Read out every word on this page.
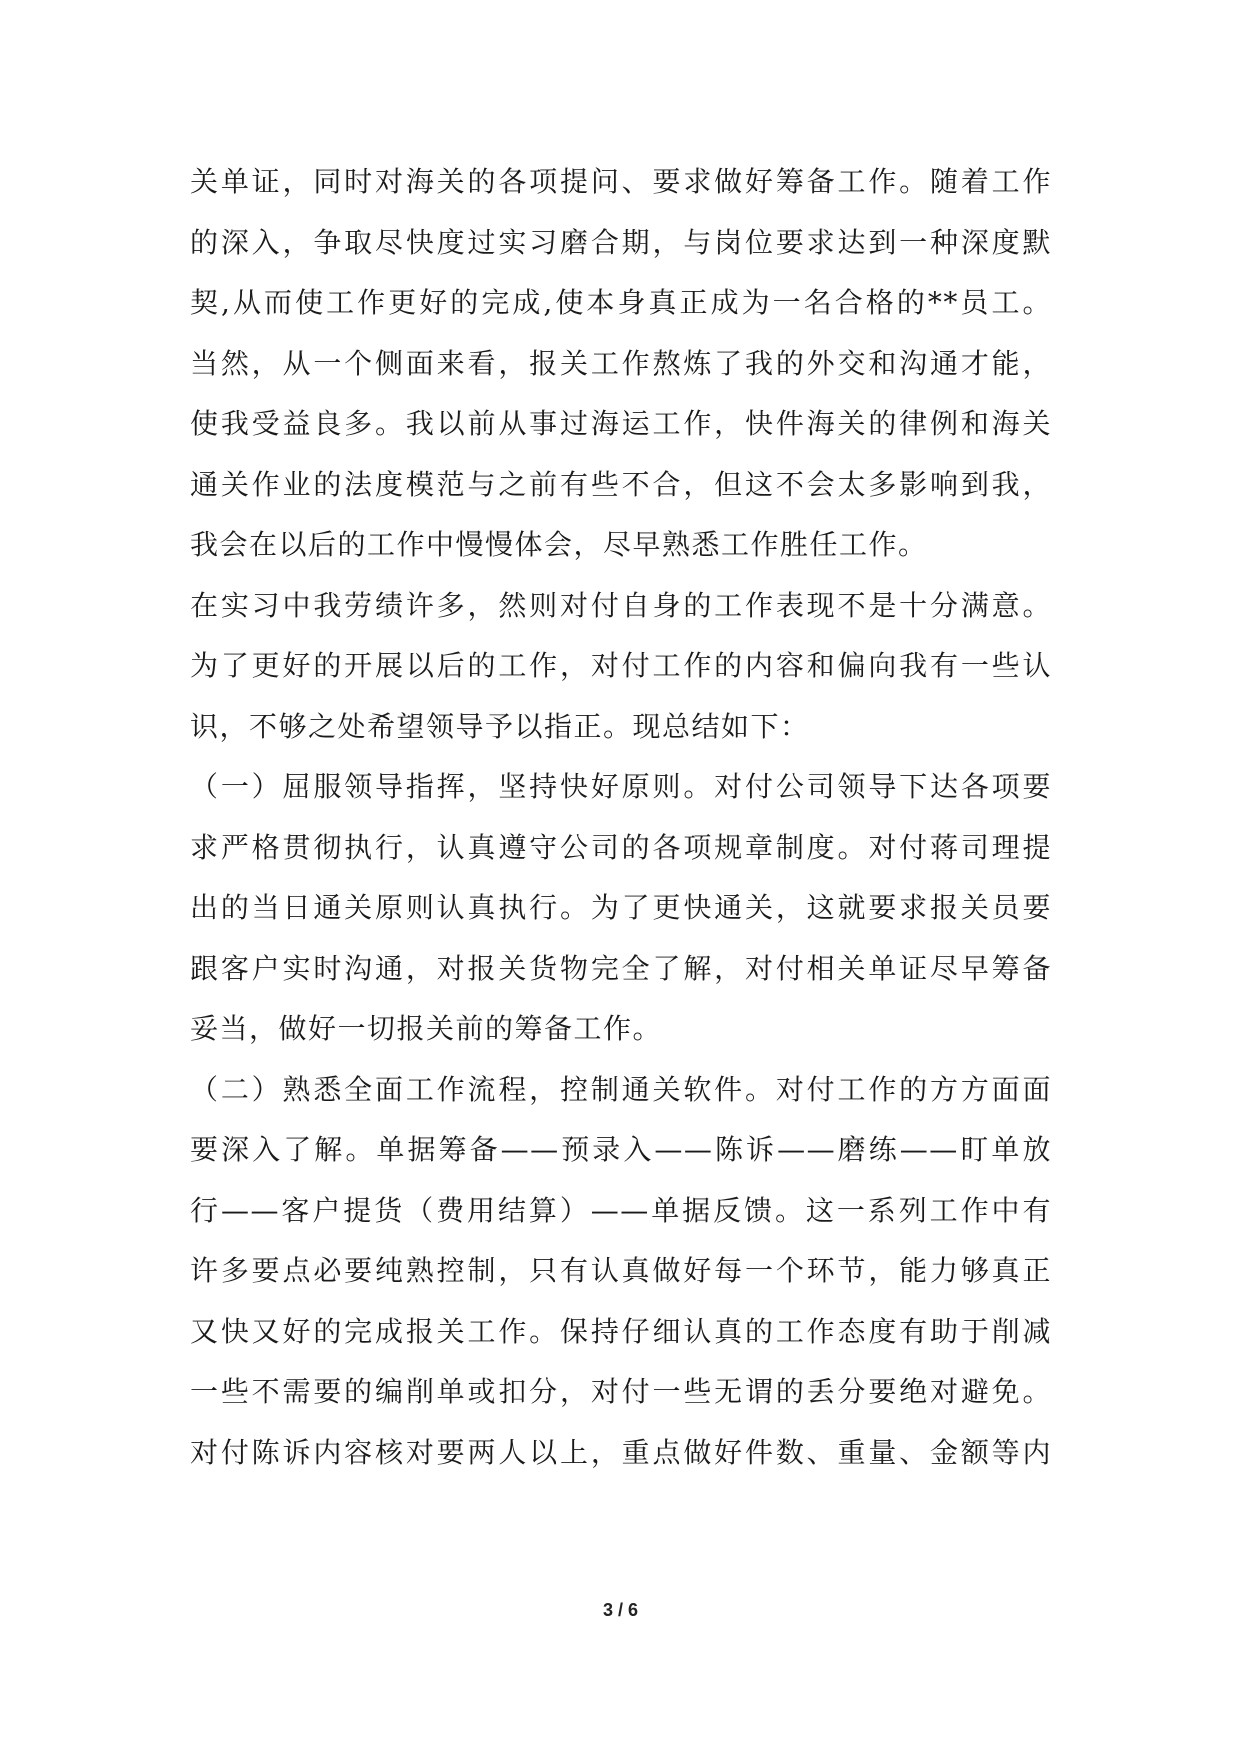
关单证，同时对海关的各项提问、要求做好筹备工作。随着工作
的深入，争取尽快度过实习磨合期，与岗位要求达到一种深度默
契,从而使工作更好的完成,使本身真正成为一名合格的**员工。
当然，从一个侧面来看，报关工作熬炼了我的外交和沟通才能，
使我受益良多。我以前从事过海运工作，快件海关的律例和海关
通关作业的法度模范与之前有些不合，但这不会太多影响到我，
我会在以后的工作中慢慢体会，尽早熟悉工作胜任工作。
在实习中我劳绩许多，然则对付自身的工作表现不是十分满意。
为了更好的开展以后的工作，对付工作的内容和偏向我有一些认
识，不够之处希望领导予以指正。现总结如下：
（一）屈服领导指挥，坚持快好原则。对付公司领导下达各项要
求严格贯彻执行，认真遵守公司的各项规章制度。对付蒋司理提
出的当日通关原则认真执行。为了更快通关，这就要求报关员要
跟客户实时沟通，对报关货物完全了解，对付相关单证尽早筹备
妥当，做好一切报关前的筹备工作。
（二）熟悉全面工作流程，控制通关软件。对付工作的方方面面
要深入了解。单据筹备——预录入——陈诉——磨练——盯单放
行——客户提货（费用结算）——单据反馈。这一系列工作中有
许多要点必要纯熟控制，只有认真做好每一个环节，能力够真正
又快又好的完成报关工作。保持仔细认真的工作态度有助于削减
一些不需要的编削单或扣分，对付一些无谓的丢分要绝对避免。
对付陈诉内容核对要两人以上，重点做好件数、重量、金额等内
3 / 6
